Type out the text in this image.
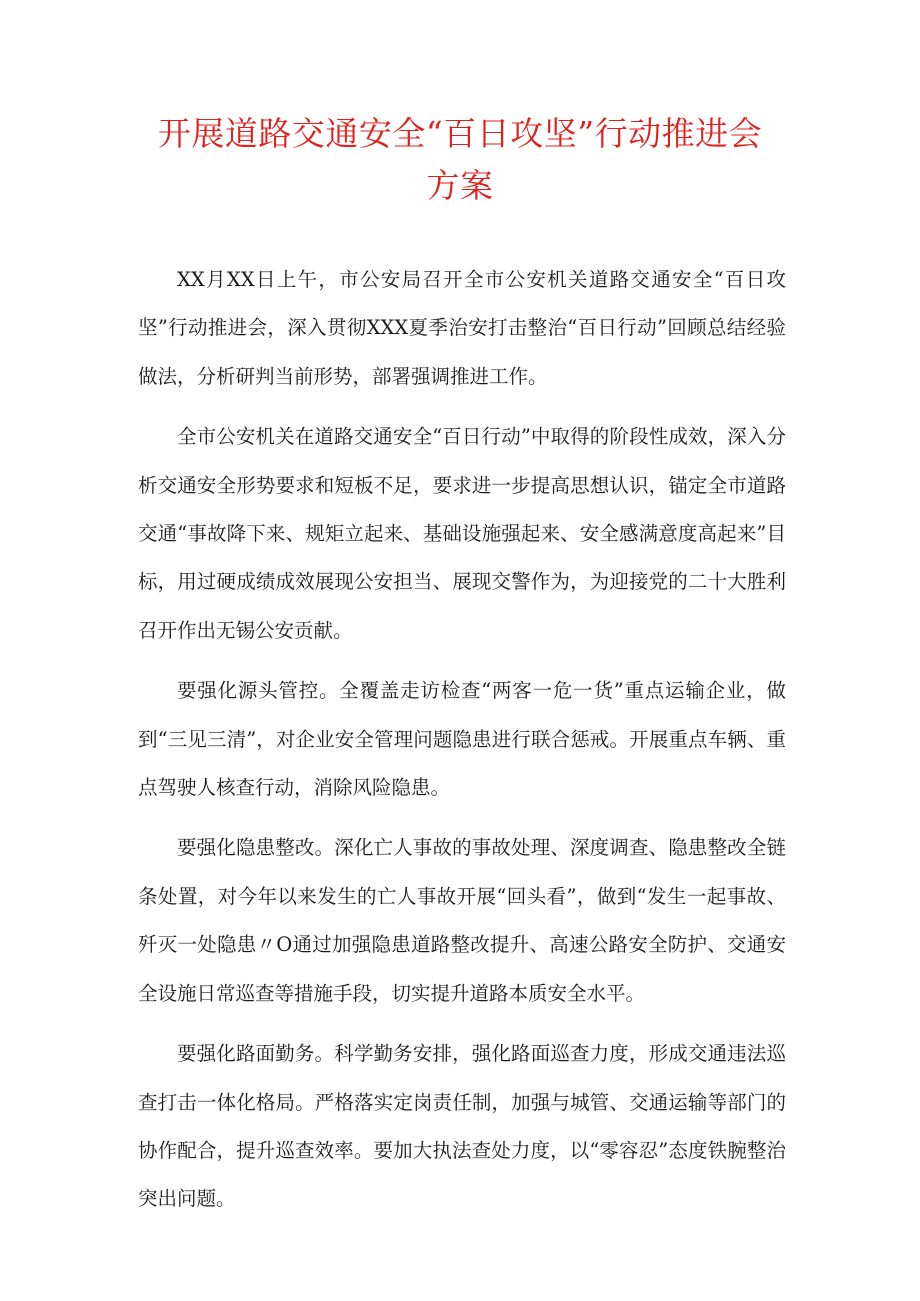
开展道路交通安全“百日攻坚”行动推进会
方案

XX月XX日上午，市公安局召开全市公安机关道路交通安全“百日攻坚”行动推进会，深入贯彻XXX夏季治安打击整治“百日行动”回顾总结经验做法，分析研判当前形势，部署强调推进工作。

全市公安机关在道路交通安全“百日行动”中取得的阶段性成效，深入分析交通安全形势要求和短板不足，要求进一步提高思想认识，锚定全市道路交通“事故降下来、规矩立起来、基础设施强起来、安全感满意度高起来”目标，用过硬成绩成效展现公安担当、展现交警作为，为迎接党的二十大胜利召开作出无锡公安贡献。

要强化源头管控。全覆盖走访检查“两客一危一货”重点运输企业，做到“三见三清”，对企业安全管理问题隐患进行联合惩戒。开展重点车辆、重点驾驶人核查行动，消除风险隐患。

要强化隐患整改。深化亡人事故的事故处理、深度调查、隐患整改全链条处置，对今年以来发生的亡人事故开展“回头看”，做到“发生一起事故、歼灭一处隐患〃O通过加强隐患道路整改提升、高速公路安全防护、交通安全设施日常巡查等措施手段，切实提升道路本质安全水平。

要强化路面勤务。科学勤务安排，强化路面巡查力度，形成交通违法巡查打击一体化格局。严格落实定岗责任制，加强与城管、交通运输等部门的协作配合，提升巡查效率。要加大执法查处力度，以“零容忍”态度铁腕整治突出问题。
